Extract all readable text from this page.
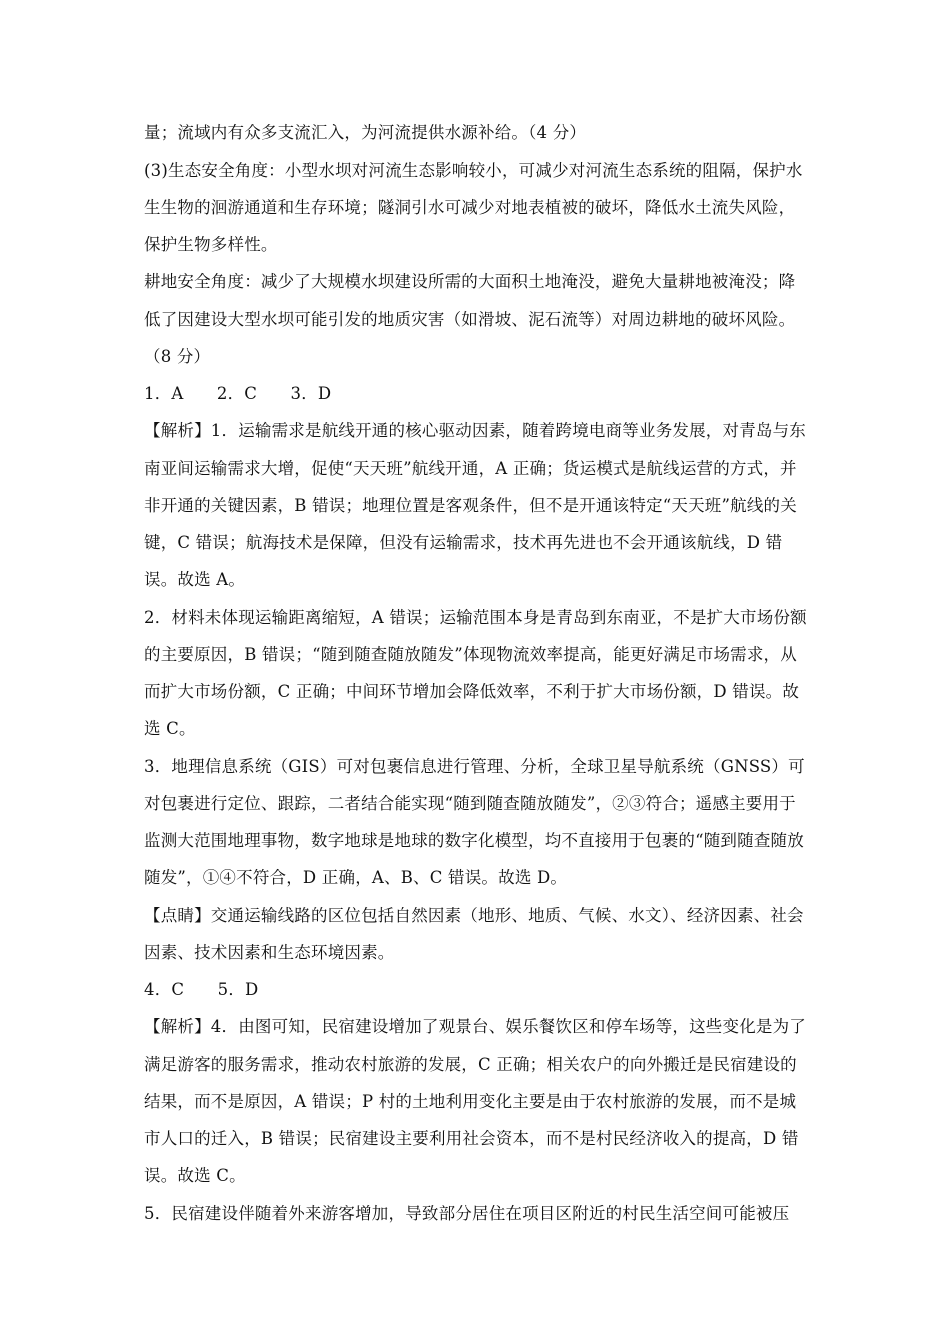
量；流域内有众多支流汇入，为河流提供水源补给。（4 分）
(3)生态安全角度：小型水坝对河流生态影响较小，可减少对河流生态系统的阻隔，保护水
生生物的洄游通道和生存环境；隧洞引水可减少对地表植被的破坏，降低水土流失风险，
保护生物多样性。
耕地安全角度：减少了大规模水坝建设所需的大面积土地淹没，避免大量耕地被淹没；降
低了因建设大型水坝可能引发的地质灾害（如滑坡、泥石流等）对周边耕地的破坏风险。
（8 分）
1．A　　2．C　　3．D
【解析】1．运输需求是航线开通的核心驱动因素，随着跨境电商等业务发展，对青岛与东
南亚间运输需求大增，促使“天天班”航线开通，A 正确；货运模式是航线运营的方式，并
非开通的关键因素，B 错误；地理位置是客观条件，但不是开通该特定“天天班”航线的关
键，C 错误；航海技术是保障，但没有运输需求，技术再先进也不会开通该航线，D 错
误。故选 A。
2．材料未体现运输距离缩短，A 错误；运输范围本身是青岛到东南亚，不是扩大市场份额
的主要原因，B 错误；“随到随查随放随发”体现物流效率提高，能更好满足市场需求，从
而扩大市场份额，C 正确；中间环节增加会降低效率，不利于扩大市场份额，D 错误。故
选 C。
3．地理信息系统（GIS）可对包裹信息进行管理、分析，全球卫星导航系统（GNSS）可
对包裹进行定位、跟踪，二者结合能实现“随到随查随放随发”，②③符合；遥感主要用于
监测大范围地理事物，数字地球是地球的数字化模型，均不直接用于包裹的“随到随查随放
随发”，①④不符合，D 正确，A、B、C 错误。故选 D。
【点睛】交通运输线路的区位包括自然因素（地形、地质、气候、水文）、经济因素、社会
因素、技术因素和生态环境因素。
4．C　　5．D
【解析】4．由图可知，民宿建设增加了观景台、娱乐餐饮区和停车场等，这些变化是为了
满足游客的服务需求，推动农村旅游的发展，C 正确；相关农户的向外搬迁是民宿建设的
结果，而不是原因，A 错误；P 村的土地利用变化主要是由于农村旅游的发展，而不是城
市人口的迁入，B 错误；民宿建设主要利用社会资本，而不是村民经济收入的提高，D 错
误。故选 C。
5．民宿建设伴随着外来游客增加，导致部分居住在项目区附近的村民生活空间可能被压
